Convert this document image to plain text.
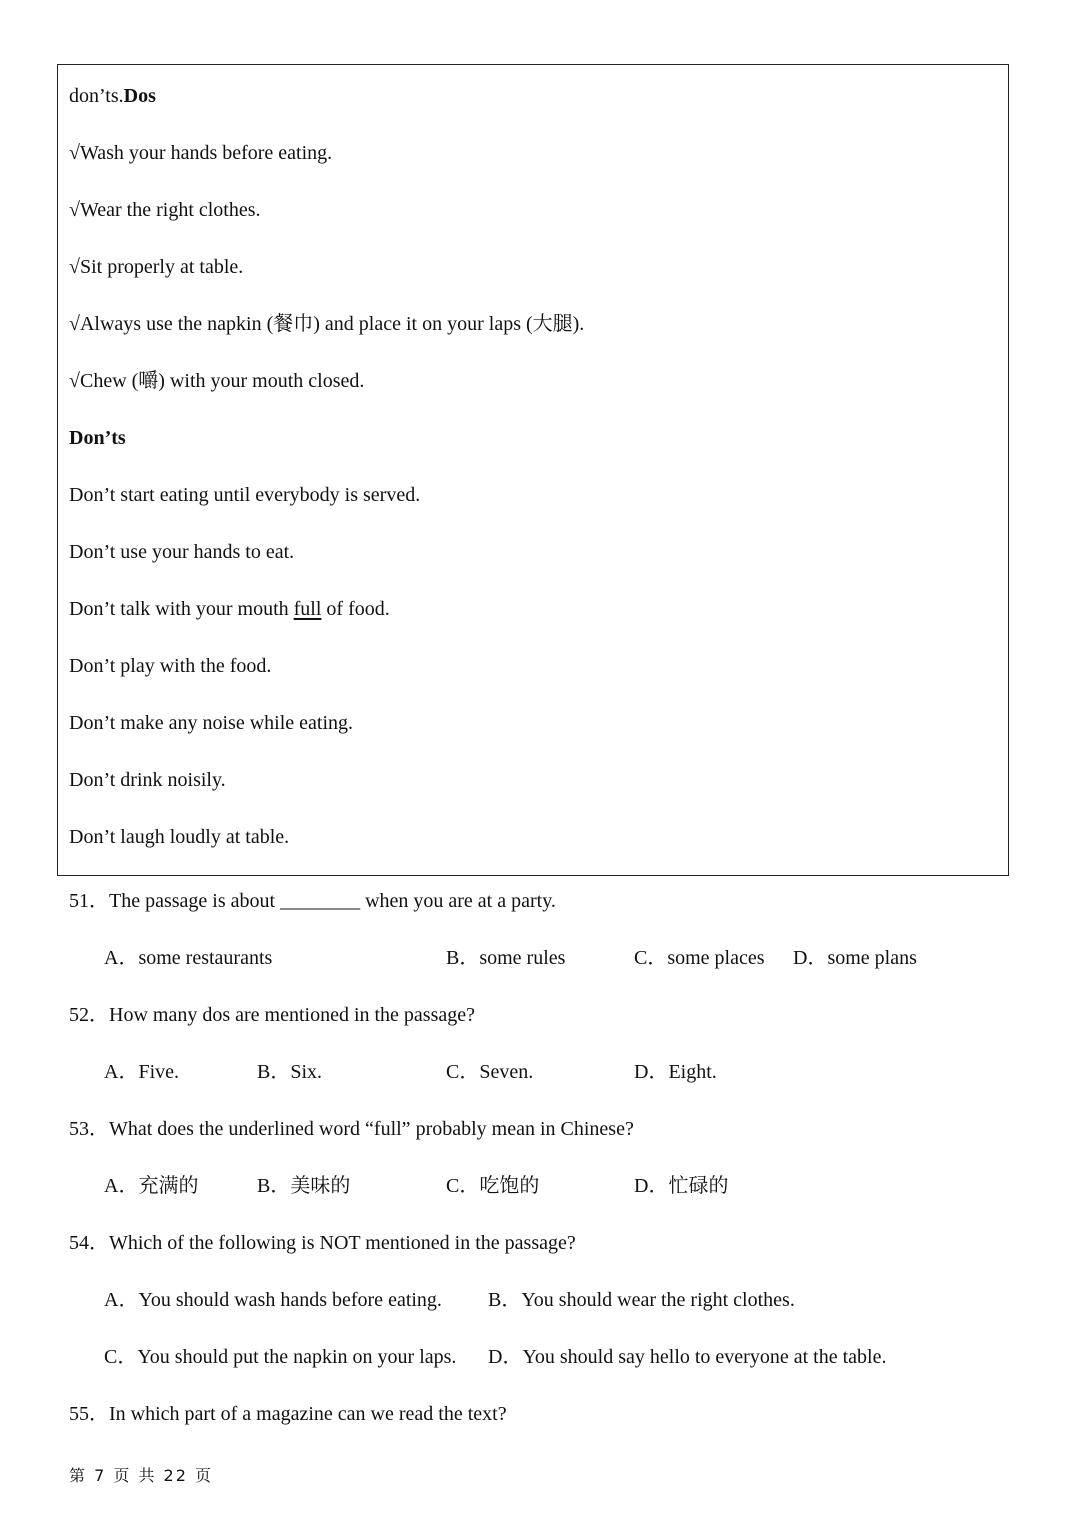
don’ts.Dos
√Wash your hands before eating.
√Wear the right clothes.
√Sit properly at table.
√Always use the napkin (餐巾) and place it on your laps (大腿).
√Chew (嚼) with your mouth closed.
Don’ts
Don’t start eating until everybody is served.
Don’t use your hands to eat.
Don’t talk with your mouth full of food.
Don’t play with the food.
Don’t make any noise while eating.
Don’t drink noisily.
Don’t laugh loudly at table.
51．The passage is about ________ when you are at a party.
A．some restaurants	B．some rules	C．some places D．some plans
52．How many dos are mentioned in the passage?
A．Five.	B．Six.	C．Seven.	D．Eight.
53．What does the underlined word “full” probably mean in Chinese?
A．充满的	B．美味的	C．吃饱的	D．忙碌的
54．Which of the following is NOT mentioned in the passage?
A．You should wash hands before eating. B．You should wear the right clothes.
C．You should put the napkin on your laps. D．You should say hello to everyone at the table.
55．In which part of a magazine can we read the text?
第 7 页 共 22 页
